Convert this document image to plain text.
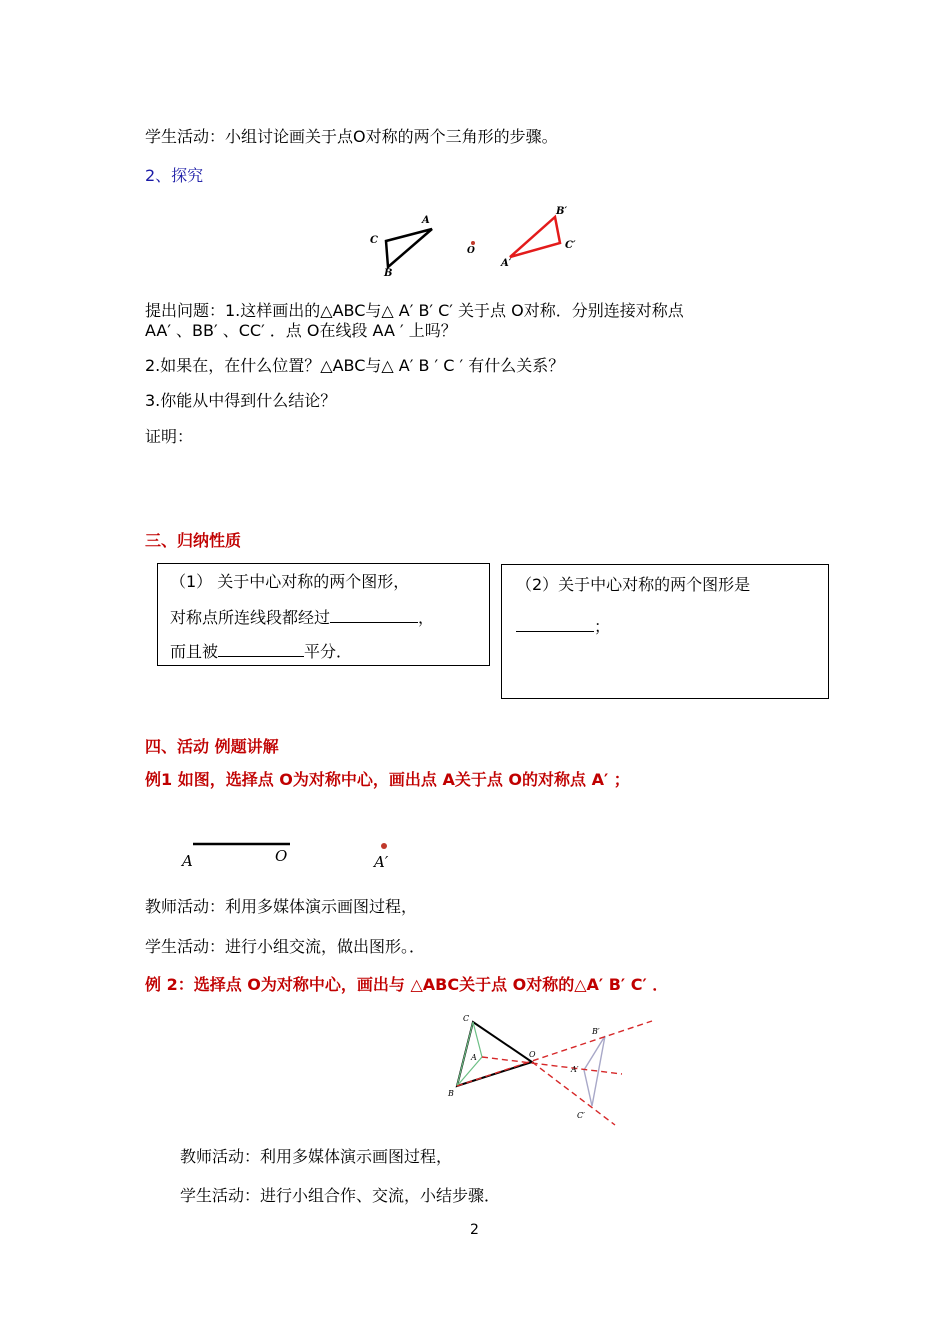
学生活动：小组讨论画关于点O对称的两个三角形的步骤。
2、探究
A
C
B
O
A′
B′
C′
提出问题：1.这样画出的△ABC与△ A′ B′ C′ 关于点 O对称．分别连接对称点
AA′ 、BB′ 、CC′ ．点 O在线段 AA ′ 上吗？
2.如果在，在什么位置？△ABC与△ A′ B ′ C ′ 有什么关系？
3.你能从中得到什么结论？
证明：
三、归纳性质
（1） 关于中心对称的两个图形，
对称点所连线段都经过	，
而且被	平分．
（2）关于中心对称的两个图形是
；
四、活动 例题讲解
例1 如图，选择点 O为对称中心，画出点 A关于点 O的对称点 A′ ；
A	O	A′
教师活动：利用多媒体演示画图过程，
学生活动：进行小组交流，做出图形。．
例 2：选择点 O为对称中心，画出与 △ABC关于点 O对称的△A′ B′ C′ ．
C
A
B
O
B′
A′
C′
教师活动：利用多媒体演示画图过程，
学生活动：进行小组合作、交流，小结步骤．
2
